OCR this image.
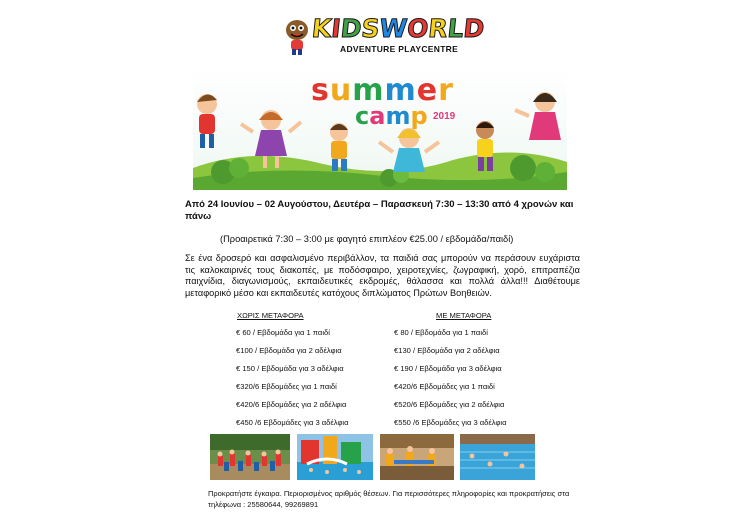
KIDSWORLD
ADVENTURE PLAYCENTRE
summer
camp 2019
Από 24 Ιουνίου – 02 Αυγούστου, Δευτέρα – Παρασκευή 7:30 – 13:30 από 4 χρονών και πάνω
(Προαιρετικά 7:30 – 3:00 με φαγητό επιπλέον €25.00 / εβδομάδα/παιδί)
Σε ένα δροσερό και ασφαλισμένο περιβάλλον, τα παιδιά σας μπορούν να περάσουν ευχάριστα τις καλοκαιρινές τους διακοπές, με ποδόσφαιρο, χειροτεχνίες, ζωγραφική, χορό, επιτραπέζια παιχνίδια, διαγωνισμούς, εκπαιδευτικές εκδρομές, θάλασσα και πολλά άλλα!!! Διαθέτουμε μεταφορικό μέσο και εκπαιδευτές κατόχους διπλώματος Πρώτων Βοηθειών.
ΧΩΡΙΣ ΜΕΤΑΦΟΡΑ	ΜΕ ΜΕΤΑΦΟΡΑ
€ 60 / Εβδομάδα για 1 παιδί
€100 / Εβδομάδα για 2 αδέλφια
€ 150 / Εβδομάδα για 3 αδέλφια
€320/6 Εβδομάδες για 1 παιδί
€420/6 Εβδομάδες για 2 αδέλφια
€450 /6 Εβδομάδες για 3 αδέλφια
€ 80 / Εβδομάδα για 1 παιδί
€130 / Εβδομάδα για 2 αδέλφια
€ 190 / Εβδομάδα για 3 αδέλφια
€420/6 Εβδομάδες για 1 παιδί
€520/6 Εβδομάδες για 2 αδέλφια
€550 /6 Εβδομάδες για 3 αδέλφια
Προκρατήστε έγκαιρα. Περιορισμένος αριθμός θέσεων. Για περισσότερες πληροφορίες και προκρατήσεις στα
τηλέφωνα : 25580644, 99269891
